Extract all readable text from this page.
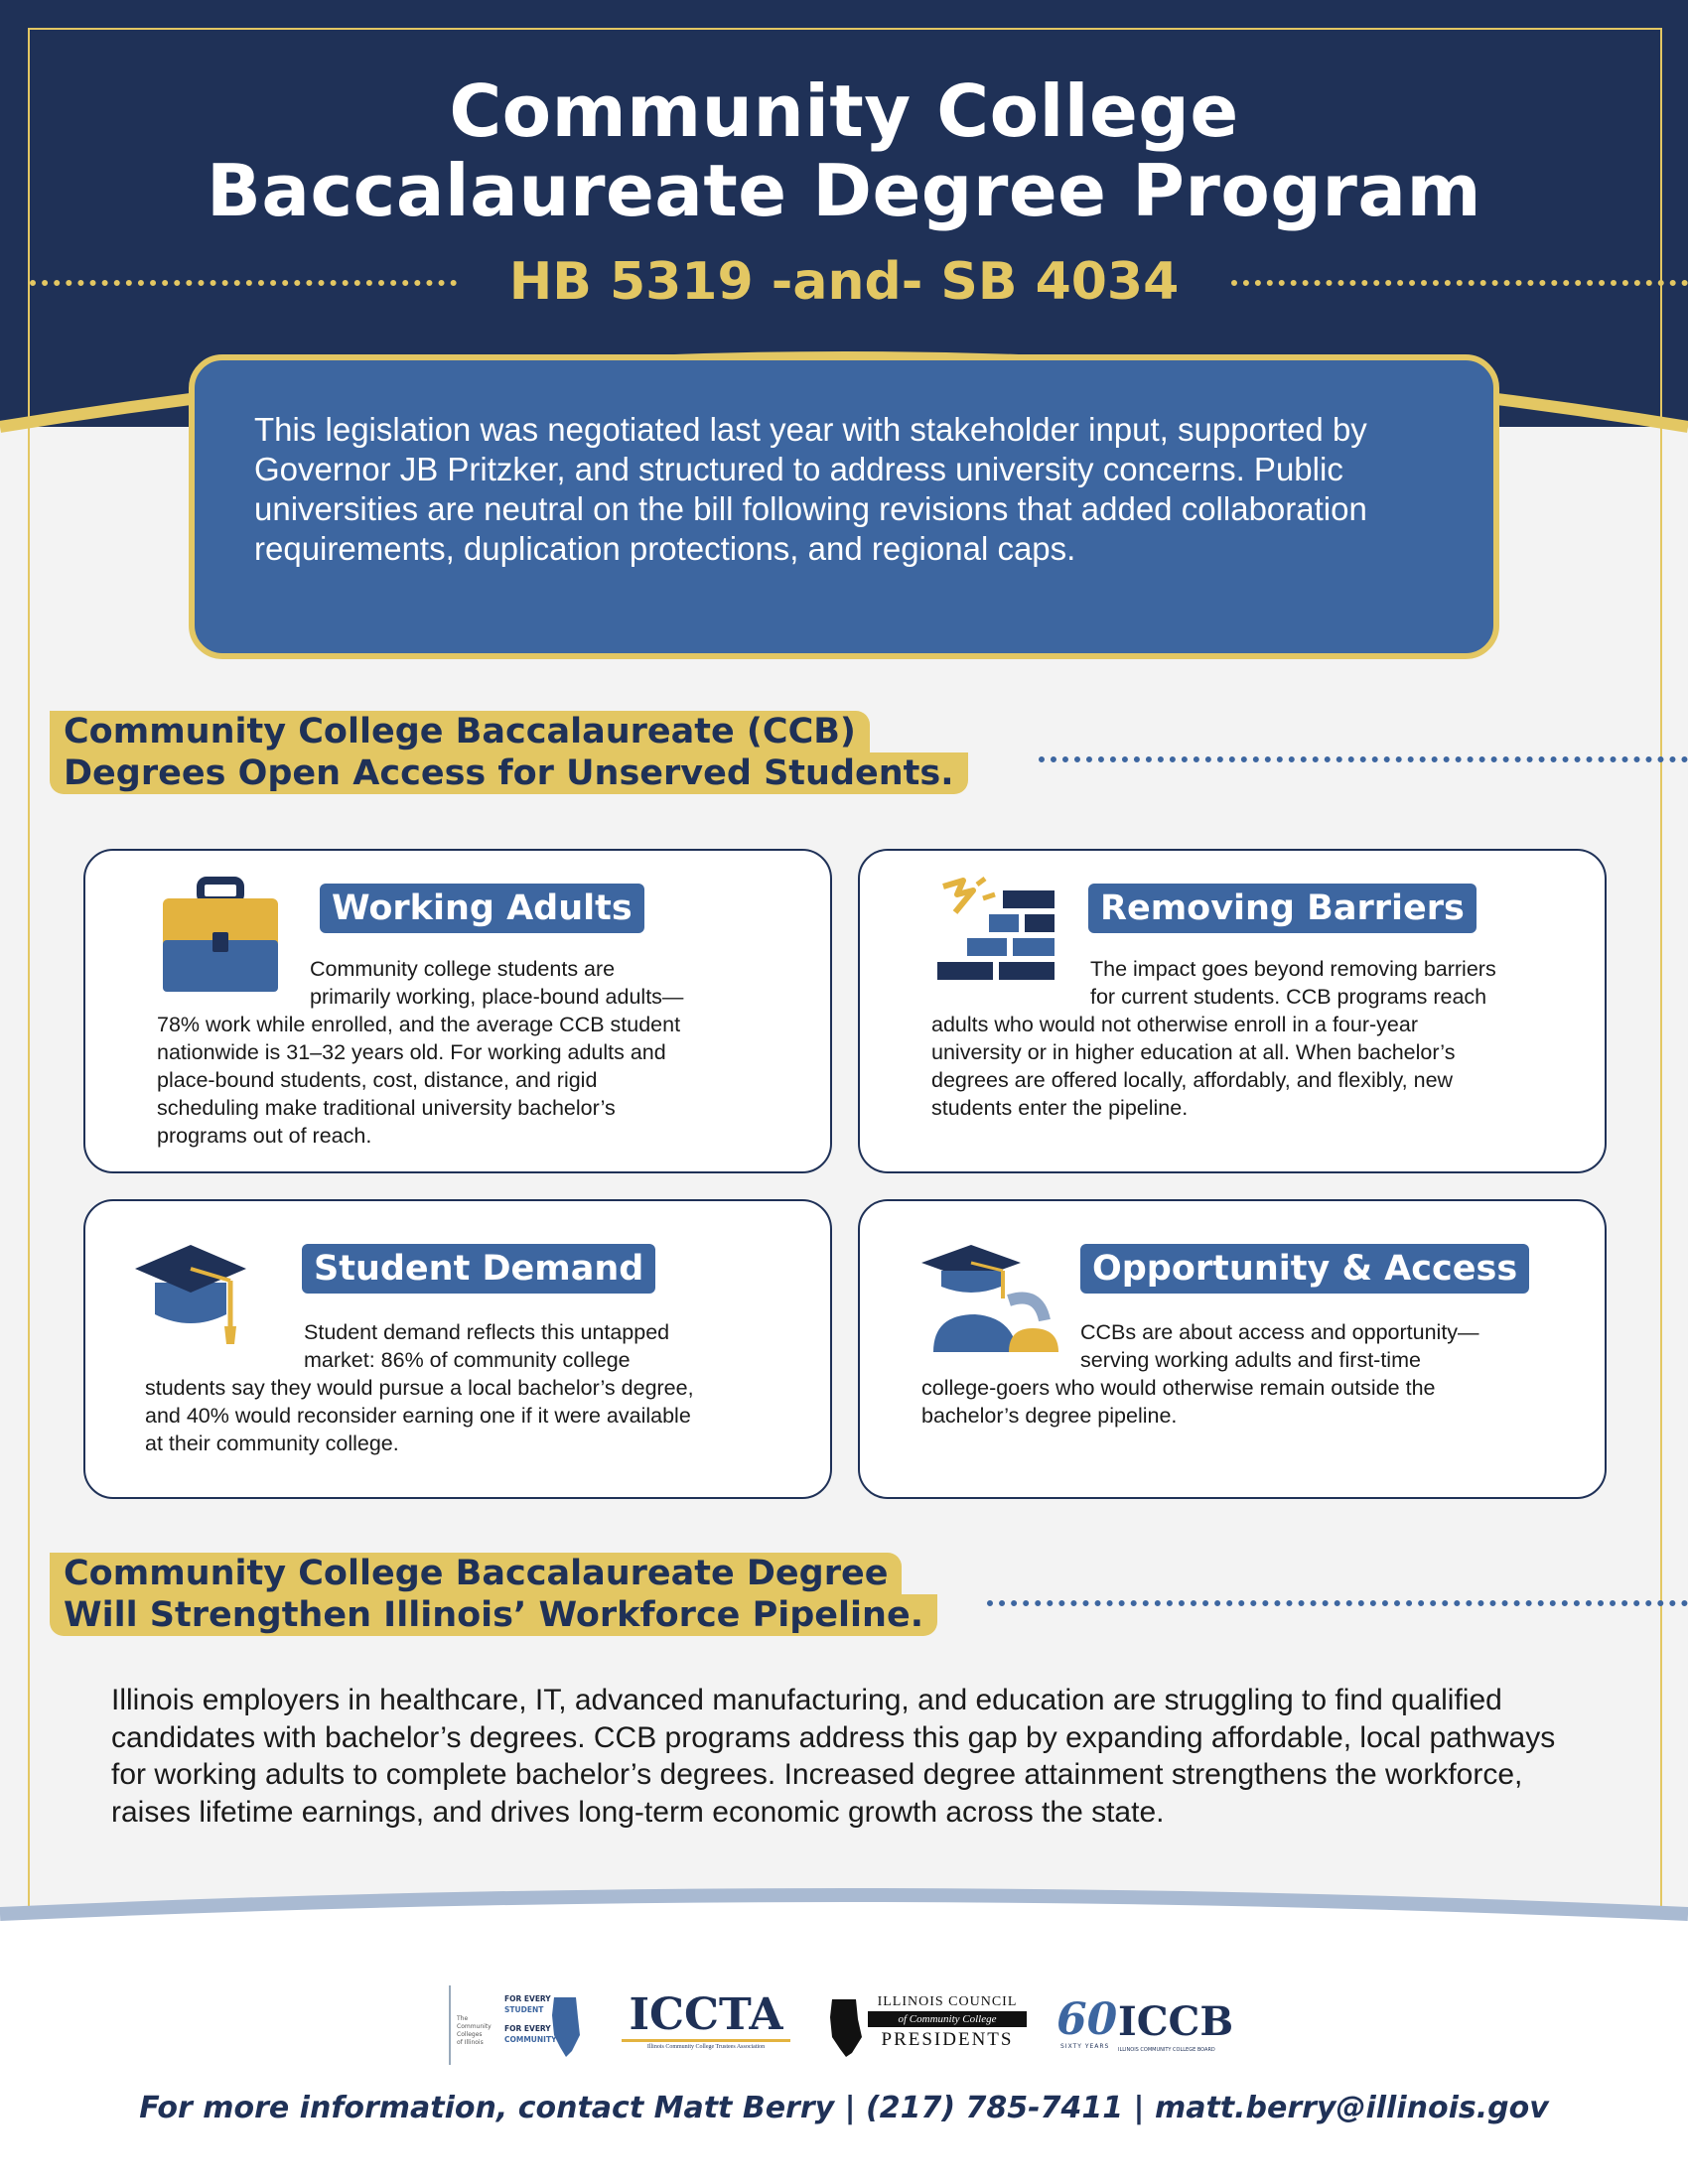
Community College
Baccalaureate Degree Program
HB 5319 -and- SB 4034

This legislation was negotiated last year with stakeholder input, supported by Governor JB Pritzker, and structured to address university concerns. Public universities are neutral on the bill following revisions that added collaboration requirements, duplication protections, and regional caps.

Community College Baccalaureate (CCB)
Degrees Open Access for Unserved Students.
Working Adults
Community college students are
primarily working, place-bound adults—
78% work while enrolled, and the average CCB student
nationwide is 31–32 years old. For working adults and
place-bound students, cost, distance, and rigid
scheduling make traditional university bachelor’s
programs out of reach.
Removing Barriers
The impact goes beyond removing barriers
for current students. CCB programs reach
adults who would not otherwise enroll in a four-year
university or in higher education at all. When bachelor’s
degrees are offered locally, affordably, and flexibly, new
students enter the pipeline.
Student Demand
Student demand reflects this untapped
market: 86% of community college
students say they would pursue a local bachelor’s degree,
and 40% would reconsider earning one if it were available
at their community college.
Opportunity & Access
CCBs are about access and opportunity—
serving working adults and first-time
college-goers who would otherwise remain outside the
bachelor’s degree pipeline.
Community College Baccalaureate Degree
Will Strengthen Illinois’ Workforce Pipeline.

Illinois employers in healthcare, IT, advanced manufacturing, and education are struggling to find qualified candidates with bachelor’s degrees. CCB programs address this gap by expanding affordable, local pathways for working adults to complete bachelor’s degrees. Increased degree attainment strengthens the workforce, raises lifetime earnings, and drives long-term economic growth across the state.

The
Community
Colleges
of Illinois
FOR EVERY
STUDENT
FOR EVERY
COMMUNITY ICCTA
Illinois Community College Trustees Association
ILLINOIS COUNCIL
of Community College
PRESIDENTS 60
SIXTY YEARS
ICCB
ILLINOIS COMMUNITY COLLEGE BOARD
For more information, contact Matt Berry | (217) 785-7411 | matt.berry@illinois.gov
